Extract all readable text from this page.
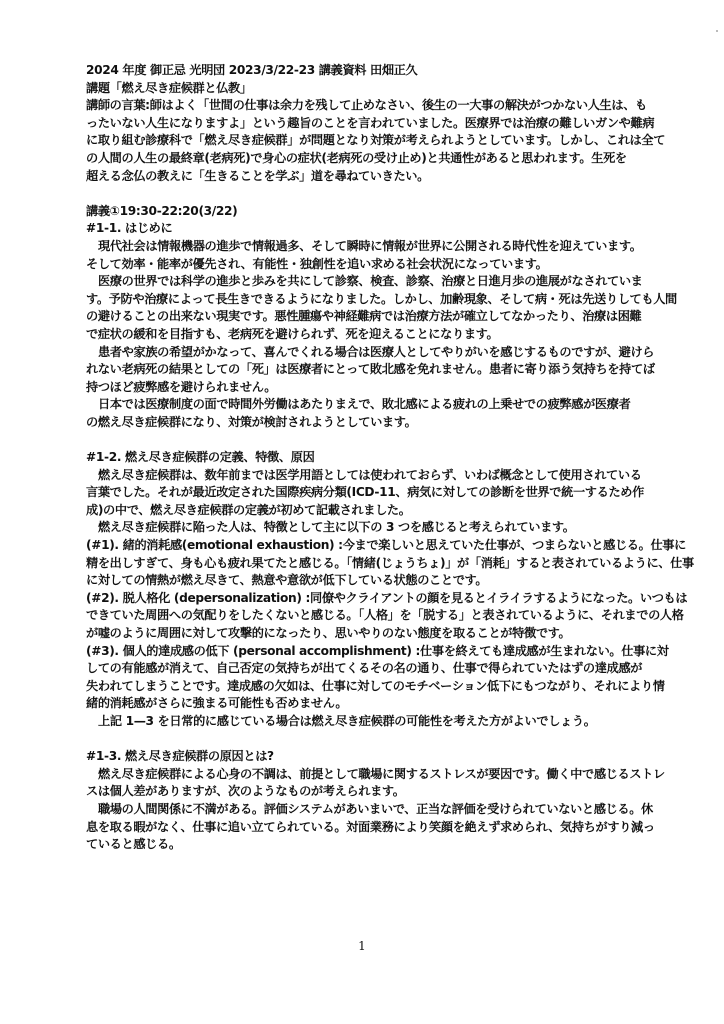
2024 年度 御正忌 光明団 2023/3/22-23 講義資料 田畑正久
講題「燃え尽き症候群と仏教」
講師の言葉:師はよく「世間の仕事は余力を残して止めなさい、後生の一大事の解決がつかない人生は、も
ったいない人生になりますよ」という趣旨のことを言われていました。医療界では治療の難しいガンや難病
に取り組む診療科で「燃え尽き症候群」が問題となり対策が考えられようとしています。しかし、これは全て
の人間の人生の最終章(老病死)で身心の症状(老病死の受け止め)と共通性があると思われます。生死を
超える念仏の教えに「生きることを学ぶ」道を尋ねていきたい。
講義①19:30-22:20(3/22)
#1-1. はじめに
現代社会は情報機器の進歩で情報過多、そして瞬時に情報が世界に公開される時代性を迎えています。
そして効率・能率が優先され、有能性・独創性を追い求める社会状況になっています。
医療の世界では科学の進歩と歩みを共にして診察、検査、診察、治療と日進月歩の進展がなされていま
す。予防や治療によって長生きできるようになりました。しかし、加齢現象、そして病・死は先送りしても人間
の避けることの出来ない現実です。悪性腫瘍や神経難病では治療方法が確立してなかったり、治療は困難
で症状の緩和を目指すも、老病死を避けられず、死を迎えることになります。
患者や家族の希望がかなって、喜んでくれる場合は医療人としてやりがいを感じするものですが、避けら
れない老病死の結果としての「死」は医療者にとって敗北感を免れません。患者に寄り添う気持ちを持てば
持つほど疲弊感を避けられません。
日本では医療制度の面で時間外労働はあたりまえで、敗北感による疲れの上乗せでの疲弊感が医療者
の燃え尽き症候群になり、対策が検討されようとしています。
#1-2. 燃え尽き症候群の定義、特徴、原因
燃え尽き症候群は、数年前までは医学用語としては使われておらず、いわば概念として使用されている
言葉でした。それが最近改定された国際疾病分類(ICD-11、病気に対しての診断を世界で統一するため作
成)の中で、燃え尽き症候群の定義が初めて記載されました。
燃え尽き症候群に陥った人は、特徴として主に以下の 3 つを感じると考えられています。
(#1). 緒的消耗感(emotional exhaustion) :今まで楽しいと思えていた仕事が、つまらないと感じる。仕事に
精を出しすぎて、身も心も疲れ果てたと感じる。「情緒(じょうちょ)」が「消耗」すると表されているように、仕事
に対しての情熱が燃え尽きて、熱意や意欲が低下している状態のことです。
(#2). 脱人格化 (depersonalization) :同僚やクライアントの顔を見るとイライラするようになった。いつもは
できていた周囲への気配りをしたくないと感じる。「人格」を「脱する」と表されているように、それまでの人格
が嘘のように周囲に対して攻撃的になったり、思いやりのない態度を取ることが特徴です。
(#3). 個人的達成感の低下 (personal accomplishment) :仕事を終えても達成感が生まれない。仕事に対
しての有能感が消えて、自己否定の気持ちが出てくるその名の通り、仕事で得られていたはずの達成感が
失われてしまうことです。達成感の欠如は、仕事に対してのモチベーション低下にもつながり、それにより情
緒的消耗感がさらに強まる可能性も否めません。
上記 1—3 を日常的に感じている場合は燃え尽き症候群の可能性を考えた方がよいでしょう。
#1-3. 燃え尽き症候群の原因とは?
燃え尽き症候群による心身の不調は、前提として職場に関するストレスが要因です。働く中で感じるストレ
スは個人差がありますが、次のようなものが考えられます。
職場の人間関係に不満がある。評価システムがあいまいで、正当な評価を受けられていないと感じる。休
息を取る暇がなく、仕事に追い立てられている。対面業務により笑顔を絶えず求められ、気持ちがすり減っ
ていると感じる。
1
